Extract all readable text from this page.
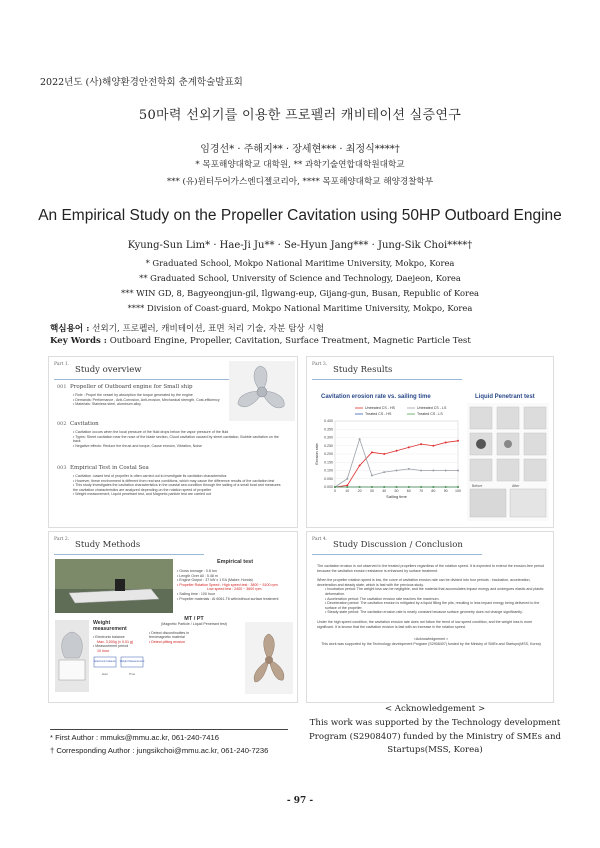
2022년도 (사)해양환경안전학회 춘계학술발표회
50마력 선외기를 이용한 프로펠러 캐비테이션 실증연구
임경선* · 주해지** · 장세현*** · 최정식****†
* 목포해양대학교 대학원, ** 과학기술연합대학원대학교
*** (유)윈터두어가스엔디젤코리아, **** 목포해양대학교 해양경찰학부
An Empirical Study on the Propeller Cavitation using 50HP Outboard Engine
Kyung-Sun Lim* · Hae-Ji Ju** · Se-Hyun Jang*** · Jung-Sik Choi****†
* Graduated School, Mokpo National Maritime University, Mokpo, Korea
** Graduated School, University of Science and Technology, Daejeon, Korea
*** WIN GD, 8, Bagyeongjun-gil, Ilgwang-eup, Gijang-gun, Busan, Republic of Korea
**** Division of Coast-guard, Mokpo National Maritime University, Mokpo, Korea
핵심용어 : 선외기, 프로펠러, 캐비테이션, 표면 처리 기술, 자분 탐상 시험
Key Words : Outboard Engine, Propeller, Cavitation, Surface Treatment, Magnetic Particle Test
Part 1.
Study overview
001 Propeller of Outboard engine for Small ship
• Role : Propel the vessel by absorption the torque generated by the engine
• Demands: Performance , Anti-Corrosion, Anti-erosion, Mechanical strength, Cost-efficiency
• Materials: Stainless steel, aluminum alloy
002 Cavitation
• Cavitation occurs when the local pressure of the fluid drops below the vapor pressure of the fluid
• Types: Sheet cavitation near the nose of the blade section, Cloud cavitation caused by sheet cavitation, Bubble cavitation on the back
• Negative effects: Reduce the thrust and torque, Cause erosion, Vibration, Noise
003 Empirical Test in Costal Sea
• Cavitation -based test of propeller is often carried out to investigate its cavitation characteristics
• However, these environment is different from real sea conditions, which may cause the difference results of the cavitation test
• This study investigates the cavitation characteristics in the coastal sea condition through the sailing of a small boat and measures the cavitation characteristics are analyzed depending on the rotation speed of propeller
• Weight measurement, Liquid penetrant test, and Magnetic particle test are carried out
Part 3.
Study Results
Cavitation erosion rate vs. sailing time	Liquid Penetrant test
0.000
0.050
0.100
0.150
0.200
0.250
0.300
0.350
0.400
0	10 20 30 40 50 60 70 80 90 100
Sailing time
Erosion rate
Untreated CS - HS	Untreated CS - LS
Treated CS - HS	Treated CS - LS
Before	After
Part 2.
Study Methods
Empirical test
• Gross tonnage : 0.8 ton
• Length Over All : 5.48 m
• Engine Output : 37 kW x 1 EA (Maker: Honda)
• Propeller Rotation Speed : High speed test : 3800 ~ 5100 rpm
Low speed test : 2400 ~ 3600 rpm
• Sailing time : 100 hour
• Propeller materials : AI 6061-T6 with/without surface treatment
Weight measurement
• Electronic balance
Max. 3,000g (± 0.01 g)
• Measurement period
10 hour
Electronic balance Weight Measurement
Hour	Time
MT / PT
(Magnetic Particle / Liquid Penetrant test)
• Detect discontinuities in ferromagnetic material
• Detect pitting erosion
Part 4.
Study Discussion / Conclusion
The cavitation erosion is not observed in the treated propellers regardless of the rotation speed. It is expected to extend the erosion-free period because the cavitation erosion resistance is enhanced by surface treatment.
When the propeller rotation speed is low, the curve of cavitation erosion rate can be divided into four periods : incubation, acceleration, deceleration and steady state, which is fast with the previous study.
• Incubation period: The weight loss can be negligible, and the material that accumulates impact energy and undergoes elastic and plastic deformation.
• Acceleration period: The cavitation erosion rate reaches the maximum.
• Deceleration period: The cavitation erosion is mitigated by a liquid filling the pits, resulting in less impact energy being delivered to the surface of the propeller.
• Steady state period: The cavitation erosion rate is nearly constant because surface geometry does not change significantly.
Under the high speed condition, the cavitation erosion rate does not follow the trend of low speed condition, and the weight loss is more significant. It is known that the cavitation erosion is fast with an increase in the rotation speed.
<Acknowledgement >
This work was supported by the Technology development Program (S2908407) funded by the Ministry of SMEs and Startups(MSS, Korea)
* First Author : mmuks@mmu.ac.kr, 061-240-7416
† Corresponding Author : jungsikchoi@mmu.ac.kr, 061-240-7236
< Acknowledgement >
This work was supported by the Technology development Program (S2908407) funded by the Ministry of SMEs and Startups(MSS, Korea)
- 97 -
